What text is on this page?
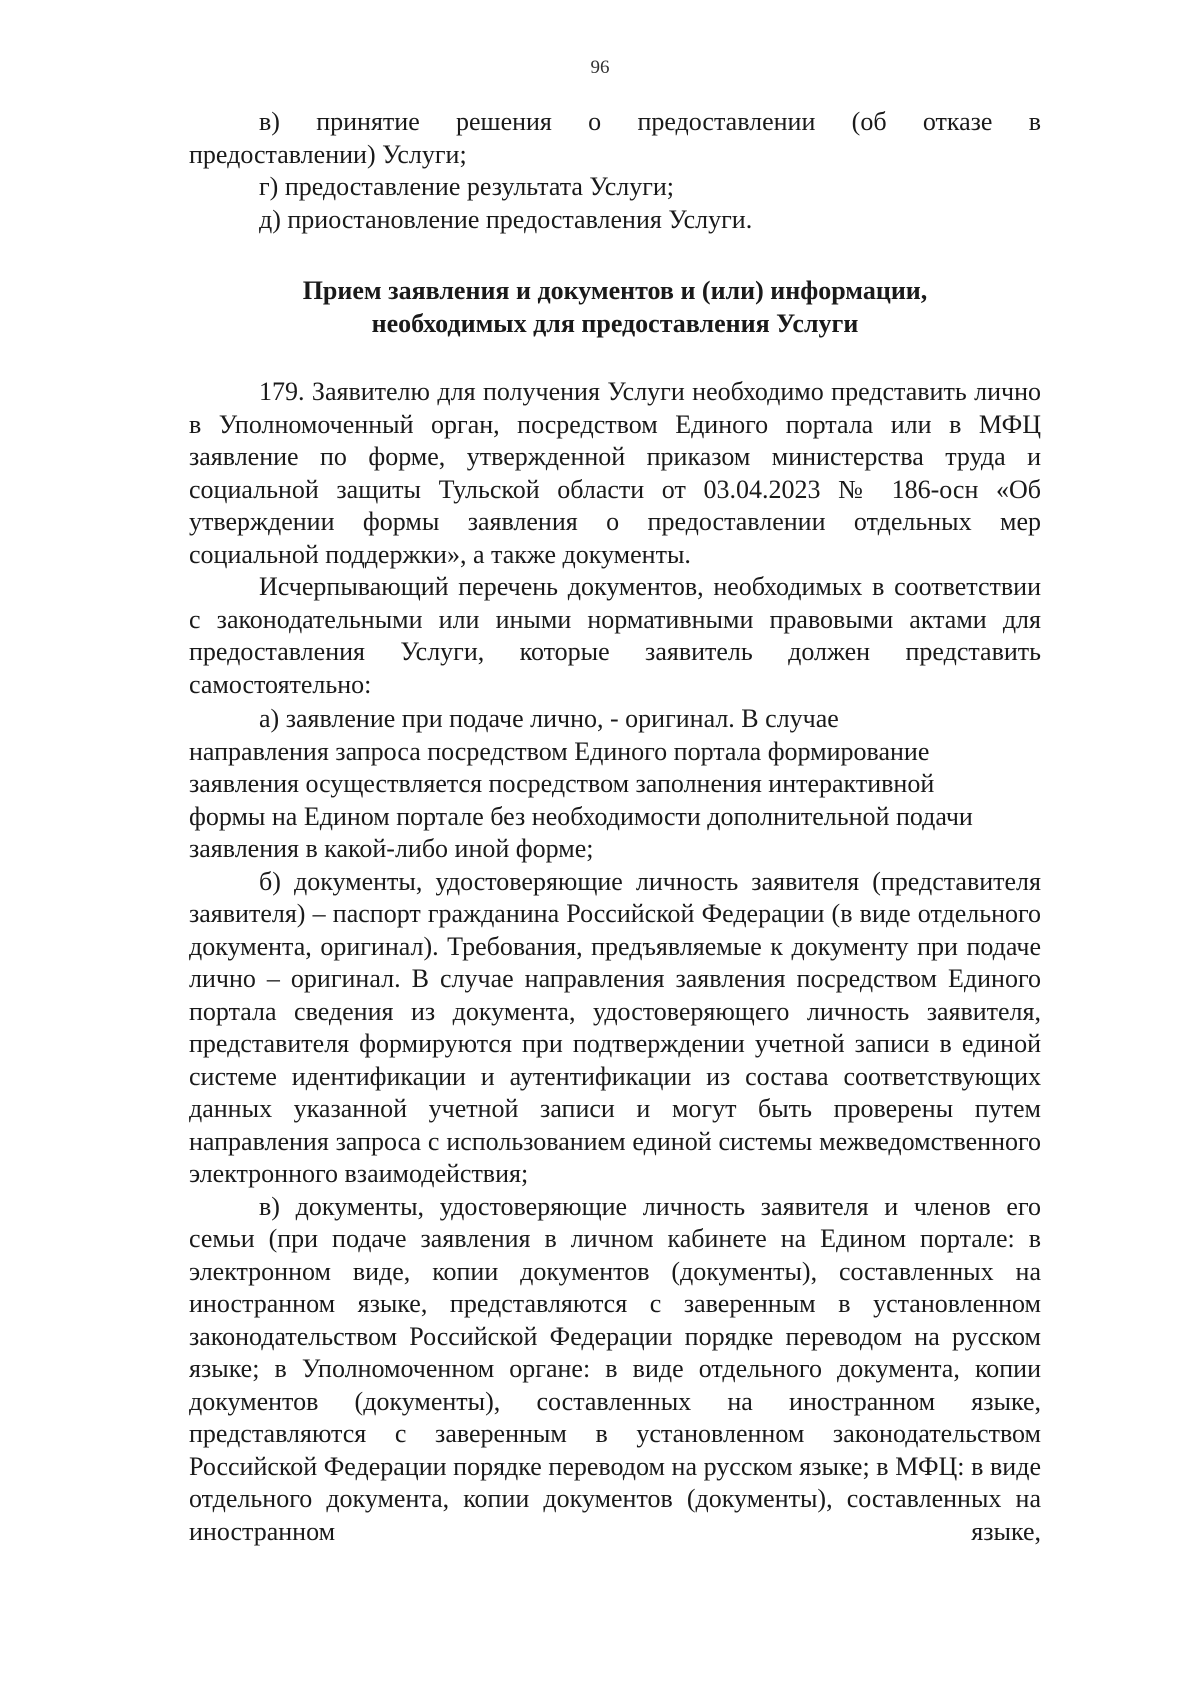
96

в) принятие решения о предоставлении (об отказе в

предоставлении) Услуги;

г) предоставление результата Услуги;

д) приостановление предоставления Услуги.

Прием заявления и документов и (или) информации,
необходимых для предоставления Услуги

179. Заявителю для получения Услуги необходимо представить лично в Уполномоченный орган, посредством Единого портала или в МФЦ заявление по форме, утвержденной приказом министерства труда и социальной защиты Тульской области от 03.04.2023 № 186-осн «Об утверждении формы заявления о предоставлении отдельных мер социальной поддержки», а также документы.

Исчерпывающий перечень документов, необходимых в соответствии с законодательными или иными нормативными правовыми актами для предоставления Услуги, которые заявитель должен представить самостоятельно:

а) заявление при подаче лично, - оригинал. В случае
направления запроса посредством Единого портала формирование
заявления осуществляется посредством заполнения интерактивной
формы на Едином портале без необходимости дополнительной подачи
заявления в какой-либо иной форме;

б) документы, удостоверяющие личность заявителя (представителя заявителя) – паспорт гражданина Российской Федерации (в виде отдельного документа, оригинал). Требования, предъявляемые к документу при подаче лично – оригинал. В случае направления заявления посредством Единого портала сведения из документа, удостоверяющего личность заявителя, представителя формируются при подтверждении учетной записи в единой системе идентификации и аутентификации из состава соответствующих данных указанной учетной записи и могут быть проверены путем направления запроса с использованием единой системы межведомственного электронного взаимодействия;

в) документы, удостоверяющие личность заявителя и членов его семьи (при подаче заявления в личном кабинете на Едином портале: в электронном виде, копии документов (документы), составленных на иностранном языке, представляются с заверенным в установленном законодательством Российской Федерации порядке переводом на русском языке; в Уполномоченном органе: в виде отдельного документа, копии документов (документы), составленных на иностранном языке, представляются с заверенным в установленном законодательством Российской Федерации порядке переводом на русском языке; в МФЦ: в виде отдельного документа, копии документов (документы), составленных на иностранном языке,
